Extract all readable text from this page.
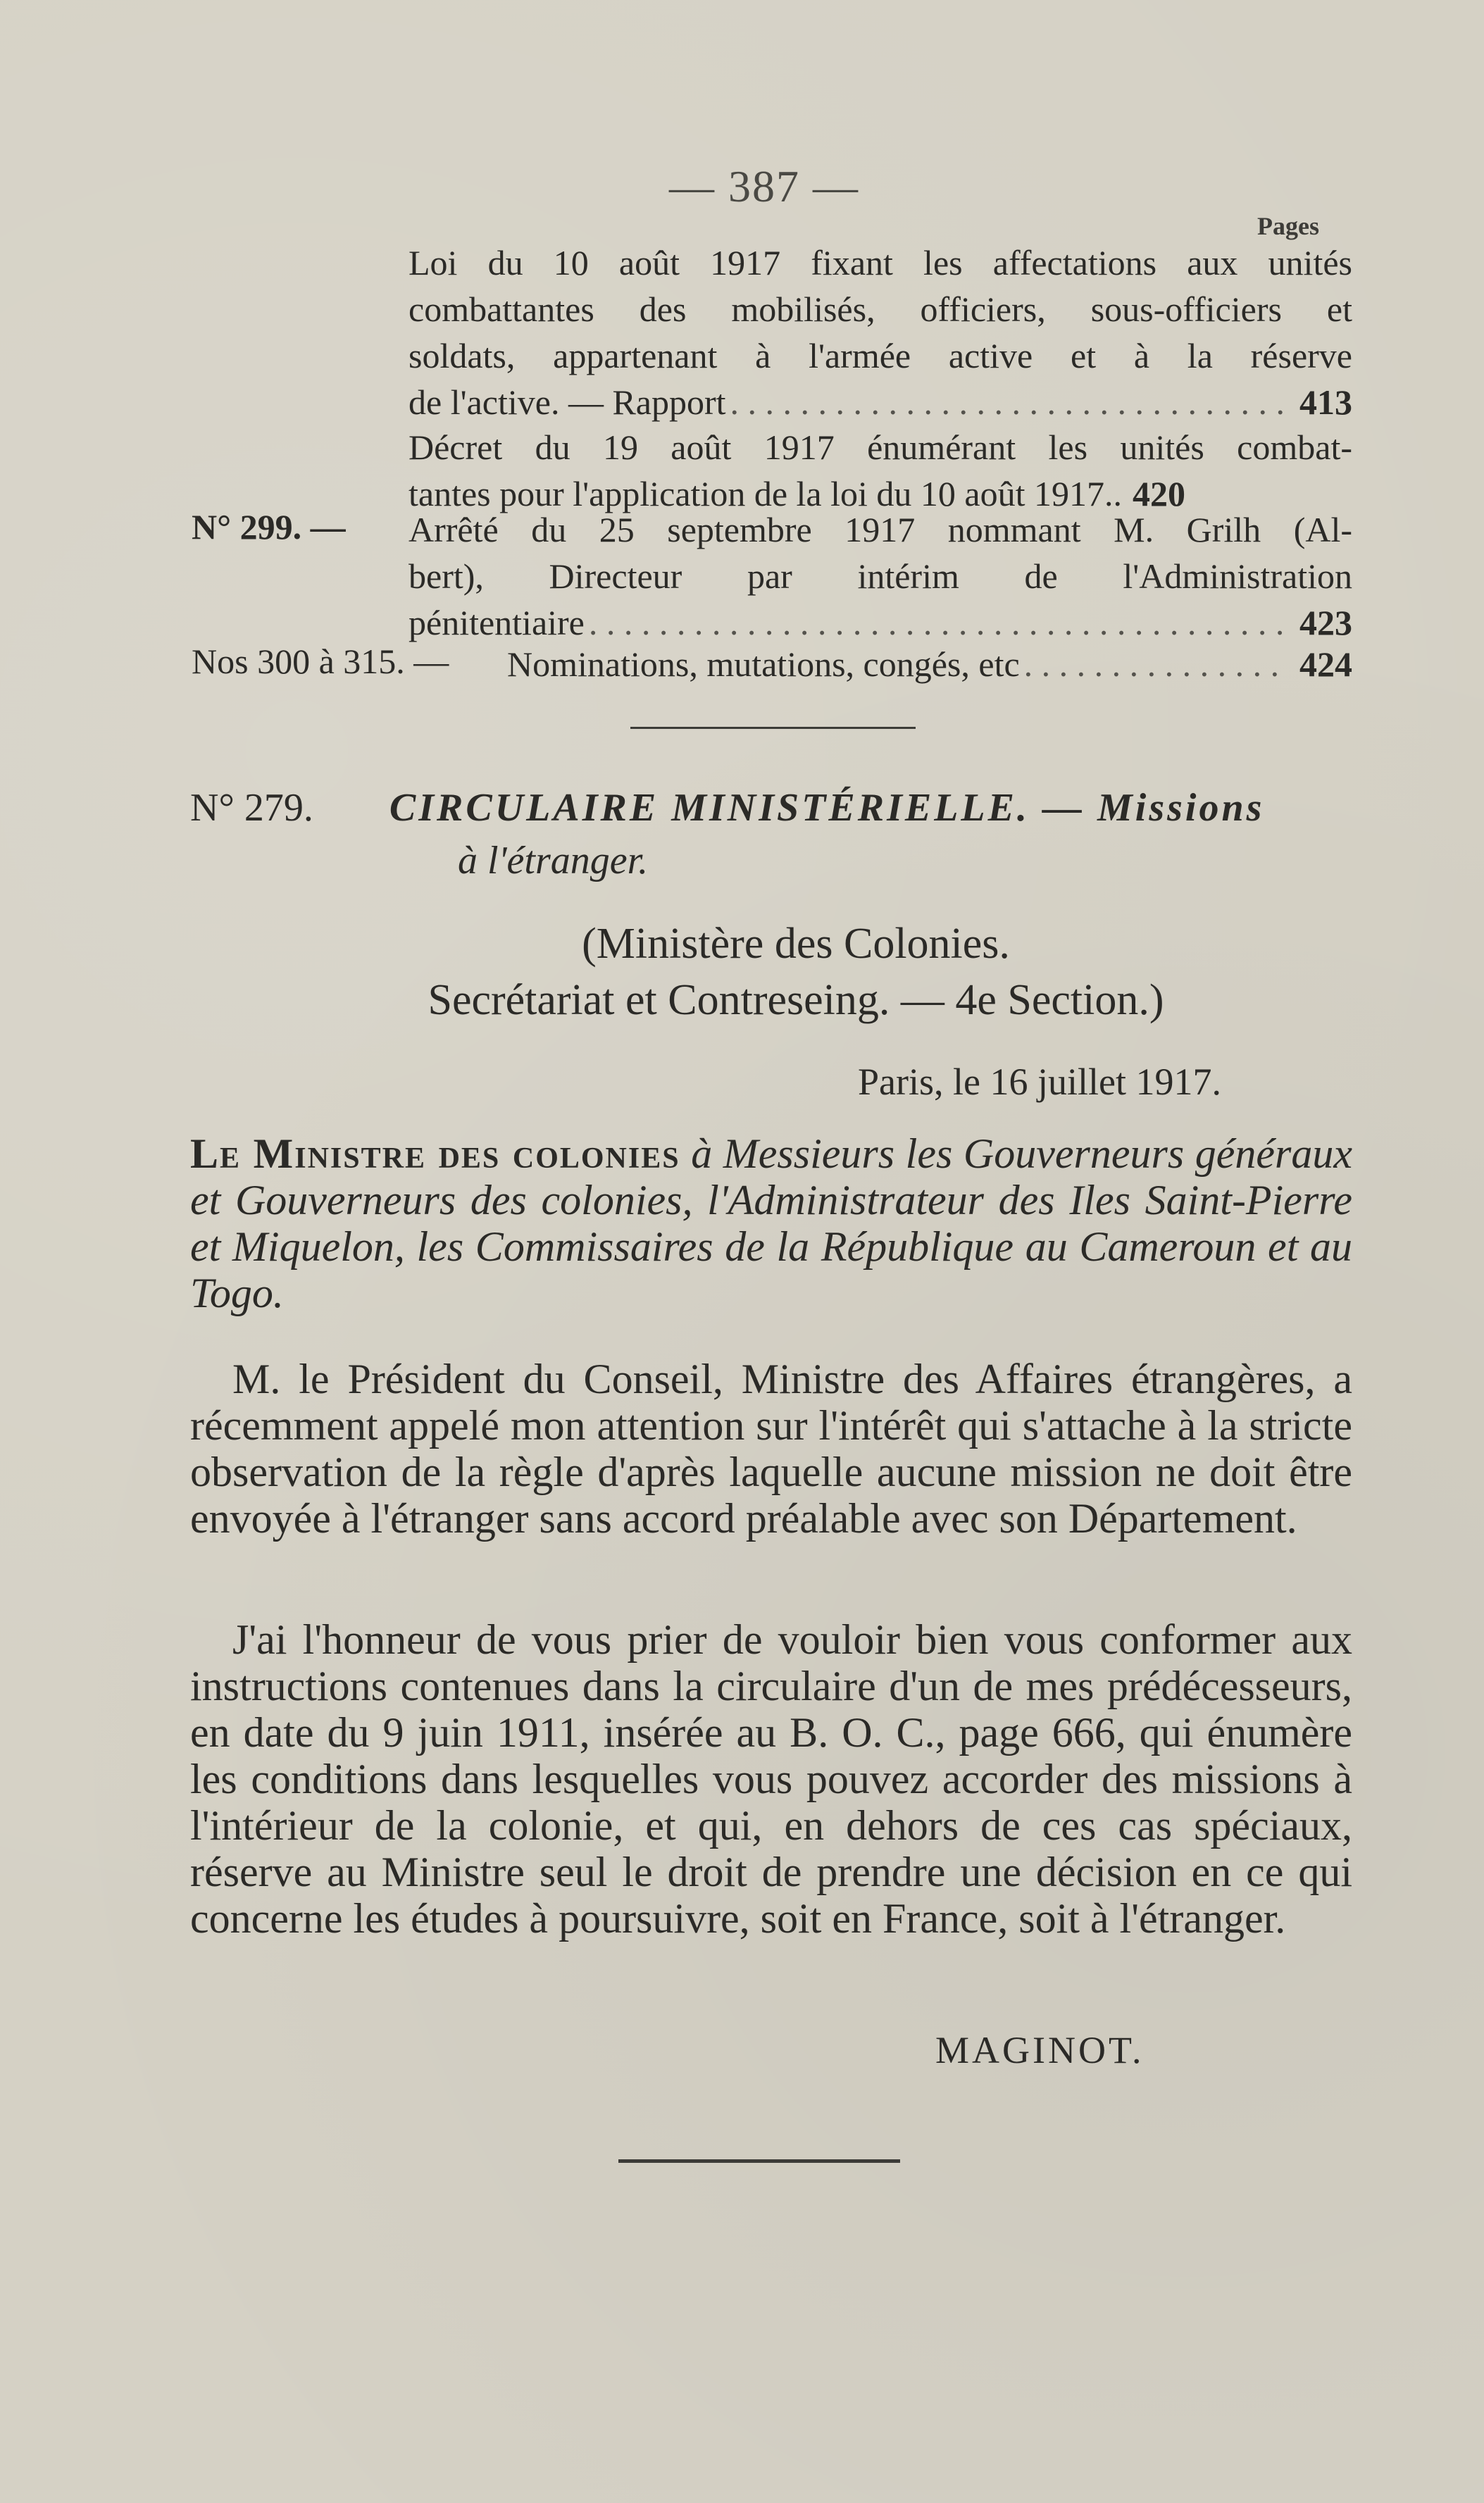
— 387 —
Pages
Loi du 10 août 1917 fixant les affectations aux unités
combattantes des mobilisés, officiers, sous-officiers et
soldats, appartenant à l'armée active et à la réserve
de l'active. — Rapport . . .	413
Décret du 19 août 1917 énumérant les unités combat-
tantes pour l'application de la loi du 10 août 1917.. 420
N° 299. — Arrêté du 25 septembre 1917 nommant M. Grilh (Al-
bert), Directeur par intérim de l'Administration
pénitentiaire . . .	423
Nos 300 à 315. — Nominations, mutations, congés, etc . . .	424
N° 279. CIRCULAIRE MINISTÉRIELLE. — Missions
à l'étranger.
(Ministère des Colonies.
Secrétariat et Contreseing. — 4e Section.)
Paris, le 16 juillet 1917.
Le Ministre des colonies à Messieurs les Gouverneurs généraux et Gouverneurs des colonies, l'Administrateur des Iles Saint-Pierre et Miquelon, les Commissaires de la République au Cameroun et au Togo.
M. le Président du Conseil, Ministre des Affaires étrangères, a récemment appelé mon attention sur l'intérêt qui s'attache à la stricte observation de la règle d'après laquelle aucune mission ne doit être envoyée à l'étranger sans accord préalable avec son Département.
J'ai l'honneur de vous prier de vouloir bien vous conformer aux instructions contenues dans la circulaire d'un de mes prédécesseurs, en date du 9 juin 1911, insérée au B. O. C., page 666, qui énumère les conditions dans lesquelles vous pouvez accorder des missions à l'intérieur de la colonie, et qui, en dehors de ces cas spéciaux, réserve au Ministre seul le droit de prendre une décision en ce qui concerne les études à poursuivre, soit en France, soit à l'étranger.
MAGINOT.
